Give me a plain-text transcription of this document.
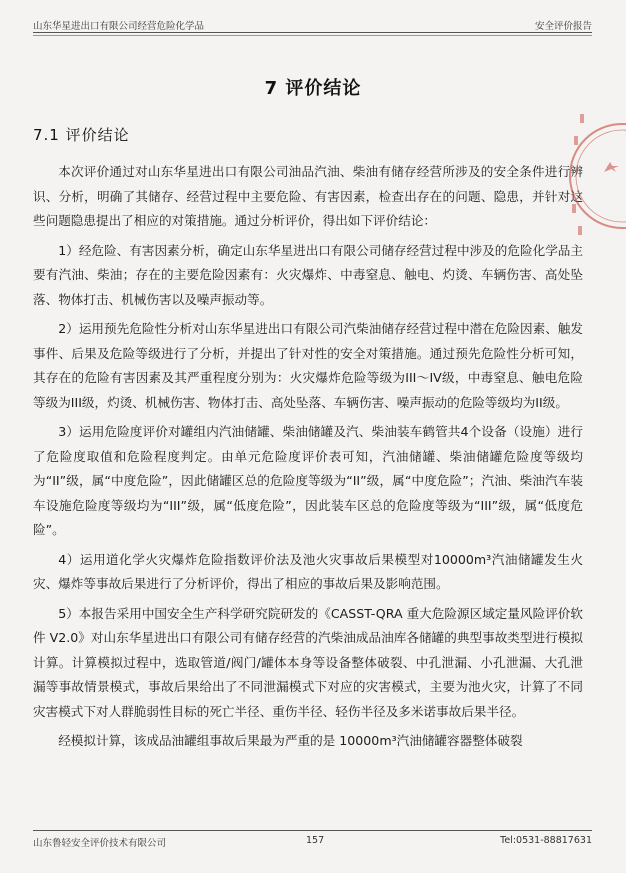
山东华星进出口有限公司经营危险化学品	安全评价报告
7 评价结论
7.1 评价结论

本次评价通过对山东华星进出口有限公司油品汽油、柴油有储存经营所涉及的安全条件进行辨识、分析，明确了其储存、经营过程中主要危险、有害因素，检查出存在的问题、隐患，并针对这些问题隐患提出了相应的对策措施。通过分析评价，得出如下评价结论：

1）经危险、有害因素分析，确定山东华星进出口有限公司储存经营过程中涉及的危险化学品主要有汽油、柴油；存在的主要危险因素有：火灾爆炸、中毒窒息、触电、灼烫、车辆伤害、高处坠落、物体打击、机械伤害以及噪声振动等。

2）运用预先危险性分析对山东华星进出口有限公司汽柴油储存经营过程中潜在危险因素、触发事件、后果及危险等级进行了分析，并提出了针对性的安全对策措施。通过预先危险性分析可知，其存在的危险有害因素及其严重程度分别为：火灾爆炸危险等级为III～IV级，中毒窒息、触电危险等级为III级，灼烫、机械伤害、物体打击、高处坠落、车辆伤害、噪声振动的危险等级均为II级。

3）运用危险度评价对罐组内汽油储罐、柴油储罐及汽、柴油装车鹤管共4个设备（设施）进行了危险度取值和危险程度判定。由单元危险度评价表可知，汽油储罐、柴油储罐危险度等级均为“II”级，属“中度危险”，因此储罐区总的危险度等级为“II”级，属“中度危险”；汽油、柴油汽车装车设施危险度等级均为“III”级，属“低度危险”，因此装车区总的危险度等级为“III”级，属“低度危险”。

4）运用道化学火灾爆炸危险指数评价法及池火灾事故后果模型对10000m³汽油储罐发生火灾、爆炸等事故后果进行了分析评价，得出了相应的事故后果及影响范围。

5）本报告采用中国安全生产科学研究院研发的《CASST-QRA 重大危险源区域定量风险评价软件 V2.0》对山东华星进出口有限公司有储存经营的汽柴油成品油库各储罐的典型事故类型进行模拟计算。计算模拟过程中，选取管道/阀门/罐体本身等设备整体破裂、中孔泄漏、小孔泄漏、大孔泄漏等事故情景模式，事故后果给出了不同泄漏模式下对应的灾害模式，主要为池火灾，计算了不同灾害模式下对人群脆弱性目标的死亡半径、重伤半径、轻伤半径及多米诺事故后果半径。

经模拟计算，该成品油罐组事故后果最为严重的是 10000m³汽油储罐容器整体破裂

山东鲁轻安全评价技术有限公司	157	Tel:0531-88817631
